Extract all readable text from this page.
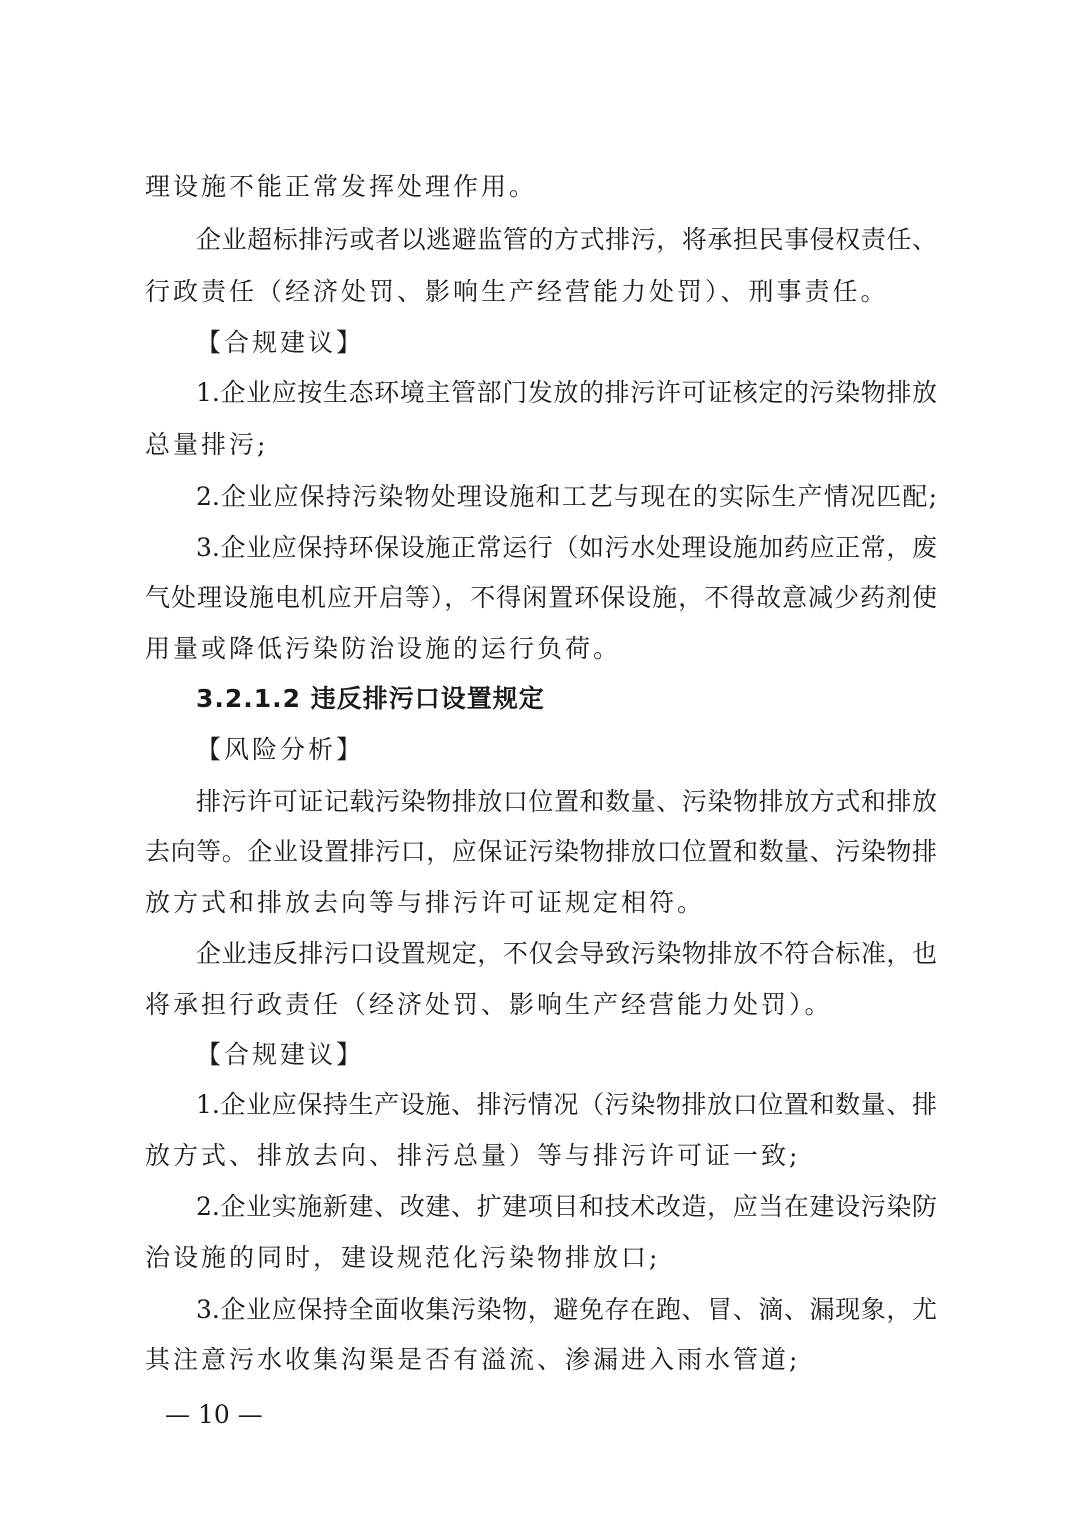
理设施不能正常发挥处理作用。
企业超标排污或者以逃避监管的方式排污，将承担民事侵权责任、
行政责任（经济处罚、影响生产经营能力处罚）、刑事责任。
【合规建议】
1.企业应按生态环境主管部门发放的排污许可证核定的污染物排放
总量排污;
2.企业应保持污染物处理设施和工艺与现在的实际生产情况匹配;
3.企业应保持环保设施正常运行（如污水处理设施加药应正常，废
气处理设施电机应开启等），不得闲置环保设施，不得故意减少药剂使
用量或降低污染防治设施的运行负荷。
3.2.1.2 违反排污口设置规定
【风险分析】
排污许可证记载污染物排放口位置和数量、污染物排放方式和排放
去向等。企业设置排污口，应保证污染物排放口位置和数量、污染物排
放方式和排放去向等与排污许可证规定相符。
企业违反排污口设置规定，不仅会导致污染物排放不符合标准，也
将承担行政责任（经济处罚、影响生产经营能力处罚）。
【合规建议】
1.企业应保持生产设施、排污情况（污染物排放口位置和数量、排
放方式、排放去向、排污总量）等与排污许可证一致;
2.企业实施新建、改建、扩建项目和技术改造，应当在建设污染防
治设施的同时，建设规范化污染物排放口;
3.企业应保持全面收集污染物，避免存在跑、冒、滴、漏现象，尤
其注意污水收集沟渠是否有溢流、渗漏进入雨水管道;
— 10 —
